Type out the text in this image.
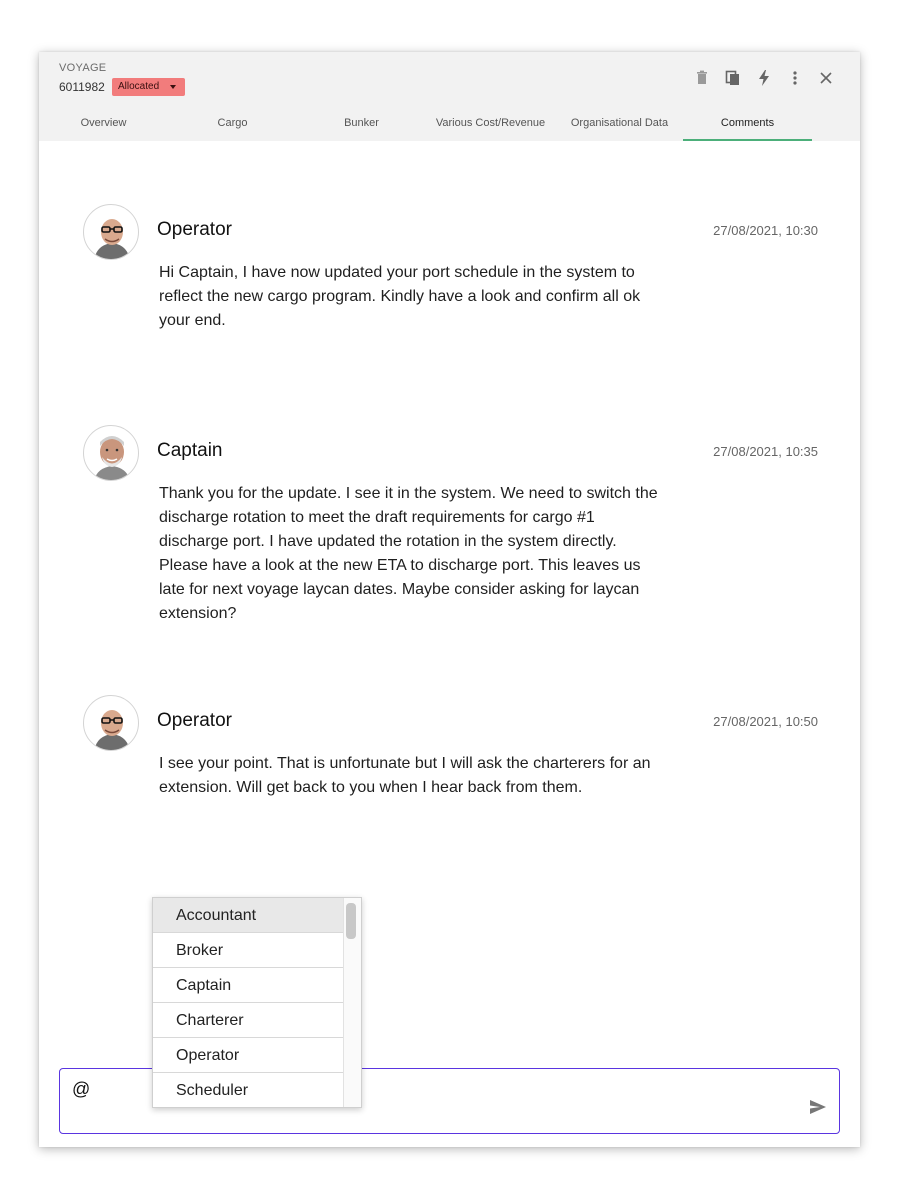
VOYAGE
6011982 Allocated
Overview	Cargo	Bunker	Various Cost/Revenue	Organisational Data	Comments
Operator	27/08/2021, 10:30
Hi Captain, I have now updated your port schedule in the system to reflect the new cargo program. Kindly have a look and confirm all ok your end.
Captain	27/08/2021, 10:35
Thank you for the update. I see it in the system. We need to switch the discharge rotation to meet the draft requirements for cargo #1 discharge port. I have updated the rotation in the system directly. Please have a look at the new ETA to discharge port. This leaves us late for next voyage laycan dates. Maybe consider asking for laycan extension?
Operator	27/08/2021, 10:50
I see your point. That is unfortunate but I will ask the charterers for an extension. Will get back to you when I hear back from them.
@
Accountant
Broker
Captain
Charterer
Operator
Scheduler
